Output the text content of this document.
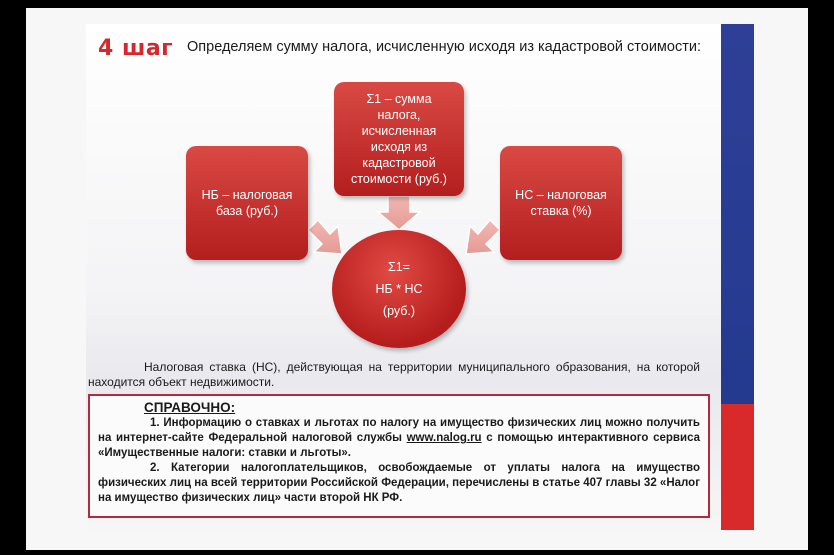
4 шаг Определяем сумму налога, исчисленную исходя из кадастровой стоимости:
Σ1 – сумма налога, исчисленная исходя из кадастровой стоимости (руб.)
НБ – налоговая база (руб.)
НС – налоговая ставка (%)
Σ1=
НБ * НС
(руб.)
Налоговая ставка (НС), действующая на территории муниципального образования, на которой находится объект недвижимости.
СПРАВОЧНО:

1. Информацию о ставках и льготах по налогу на имущество физических лиц можно получить на интернет-сайте Федеральной налоговой службы www.nalog.ru с помощью интерактивного сервиса «Имущественные налоги: ставки и льготы».

2. Категории налогоплательщиков, освобождаемые от уплаты налога на имущество физических лиц на всей территории Российской Федерации, перечислены в статье 407 главы 32 «Налог на имущество физических лиц» части второй НК РФ.
